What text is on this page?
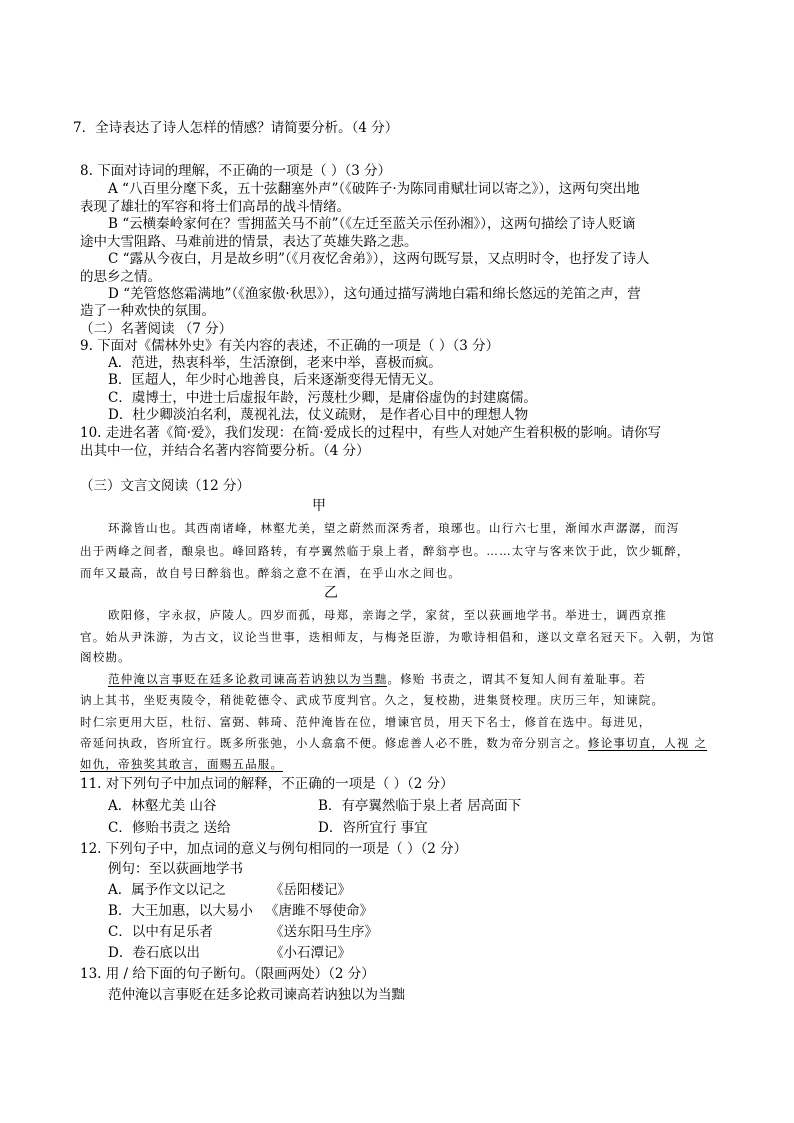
7．全诗表达了诗人怎样的情感？请简要分析。（4 分）
8. 下面对诗词的理解，不正确的一项是（ ）（3 分）
A “八百里分麾下炙，五十弦翻塞外声”（《破阵子·为陈同甫赋壮词以寄之》），这两句突出地
表现了雄壮的军容和将士们高昂的战斗情绪。
B “云横秦岭家何在？雪拥蓝关马不前”（《左迁至蓝关示侄孙湘》），这两句描绘了诗人贬谪
途中大雪阻路、马难前进的情景，表达了英雄失路之悲。
C “露从今夜白，月是故乡明”（《月夜忆舍弟》），这两句既写景，又点明时令，也抒发了诗人
的思乡之情。
D “羌管悠悠霜满地”（《渔家傲·秋思》），这句通过描写满地白霜和绵长悠远的羌笛之声，营
造了一种欢快的氛围。
（二）名著阅读 （7 分）
9. 下面对《儒林外史》有关内容的表述，不正确的一项是（ ）（3 分）
A．范进，热衷科举，生活潦倒，老来中举，喜极而疯。
B．匡超人，年少时心地善良，后来逐渐变得无情无义。
C．虞博士，中进士后虚报年龄，污蔑杜少卿，是庸俗虚伪的封建腐儒。
D．杜少卿淡泊名利，蔑视礼法，仗义疏财， 是作者心目中的理想人物
10. 走进名著《简·爱》，我们发现：在简·爱成长的过程中，有些人对她产生着积极的影响。请你写
出其中一位，并结合名著内容简要分析。（4 分）
（三）文言文阅读（12 分）
甲
环滁皆山也。其西南诸峰，林壑尤美，望之蔚然而深秀者，琅琊也。山行六七里，渐闻水声潺潺，而泻
出于两峰之间者，酿泉也。峰回路转，有亭翼然临于泉上者，醉翁亭也。……太守与客来饮于此，饮少辄醉，
而年又最高，故自号曰醉翁也。醉翁之意不在酒，在乎山水之间也。
乙
欧阳修，字永叔，庐陵人。四岁而孤，母郑，亲诲之学，家贫，至以荻画地学书。举进士，调西京推
官。始从尹洙游，为古文，议论当世事，迭相师友，与梅尧臣游，为歌诗相倡和，遂以文章名冠天下。入朝，为馆
阁校勘。
范仲淹以言事贬在廷多论救司谏高若讷独以为当黜。修贻 书责之，谓其不复知人间有羞耻事。若
讷上其书，坐贬夷陵令，稍徙乾德令、武成节度判官。久之，复校勘，进集贤校理。庆历三年，知谏院。
时仁宗更用大臣，杜衍、富弼、韩琦、范仲淹皆在位，增谏官员，用天下名士，修首在选中。每进见，
帝延问执政，咨所宜行。既多所张弛，小人翕翕不便。修虑善人必不胜，数为帝分别言之。修论事切直，人视 之
如仇，帝独奖其敢言，面赐五品服。
11. 对下列句子中加点词的解释，不正确的一项是（ ）（2 分）
A．林壑尤美 山谷	B．有亭翼然临于泉上者 居高面下
C．修贻书责之 送给	D．咨所宜行 事宜
12. 下列句子中，加点词的意义与例句相同的一项是（ ）（2 分）
例句：至以荻画地学书
A．属予作文以记之	《岳阳楼记》
B．大王加惠，以大易小 《唐雎不辱使命》
C．以中有足乐者	《送东阳马生序》
D．卷石底以出	《小石潭记》
13. 用 / 给下面的句子断句。（限画两处）（2 分）
范仲淹以言事贬在廷多论救司谏高若讷独以为当黜
